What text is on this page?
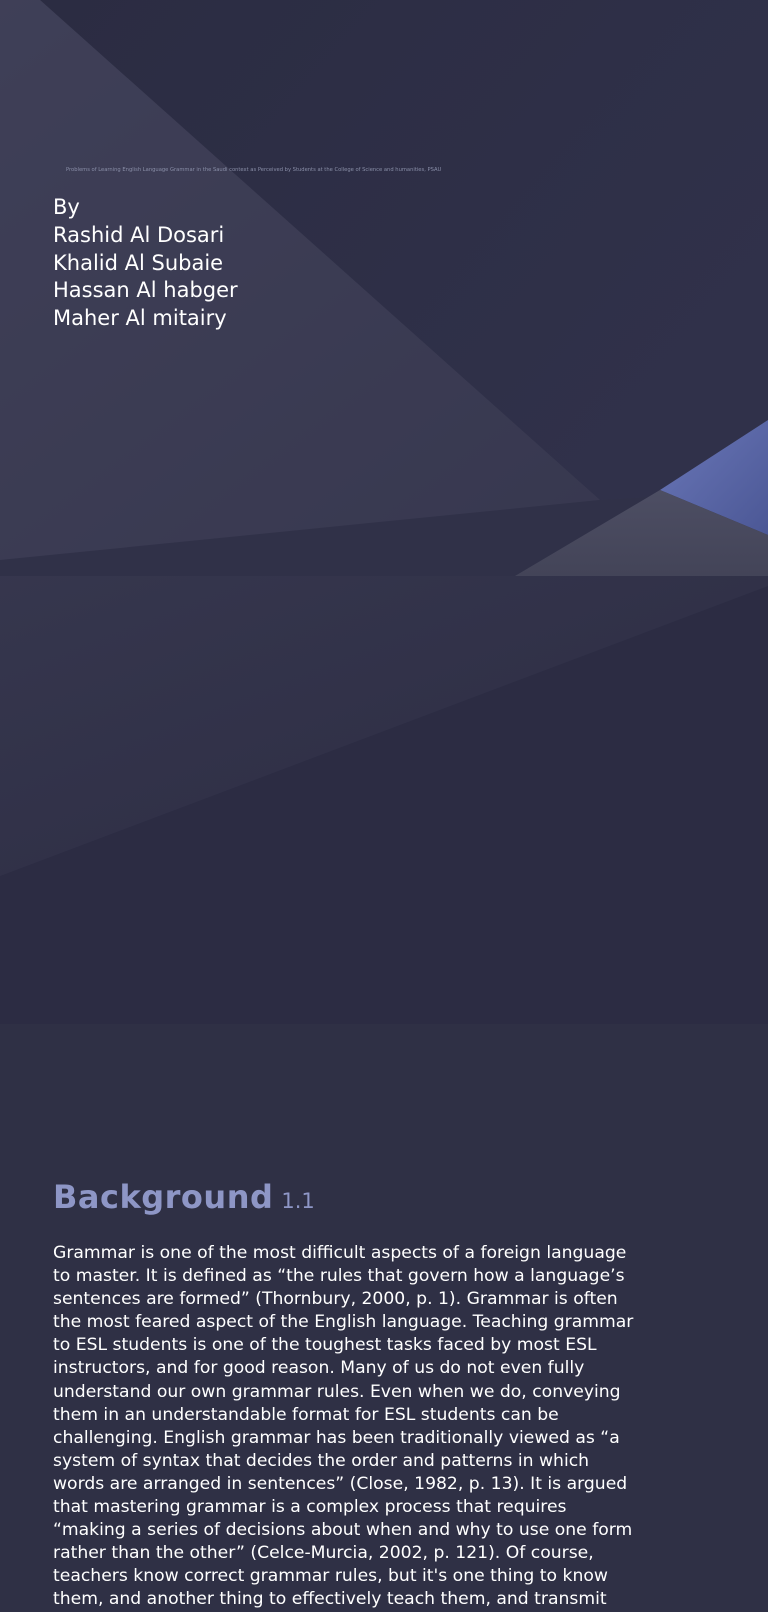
Problems of Learning English Language Grammar in the Saudi context as Perceived by Students at the College of Science and humanities, PSAU
By
Rashid Al Dosari
Khalid Al Subaie
Hassan Al habger
Maher Al mitairy
Background 1.1
Grammar is one of the most difficult aspects of a foreign language
to master. It is defined as “the rules that govern how a language’s
sentences are formed” (Thornbury, 2000, p. 1). Grammar is often
the most feared aspect of the English language. Teaching grammar
to ESL students is one of the toughest tasks faced by most ESL
instructors, and for good reason. Many of us do not even fully
understand our own grammar rules. Even when we do, conveying
them in an understandable format for ESL students can be
challenging. English grammar has been traditionally viewed as “a
system of syntax that decides the order and patterns in which
words are arranged in sentences” (Close, 1982, p. 13). It is argued
that mastering grammar is a complex process that requires
“making a series of decisions about when and why to use one form
rather than the other” (Celce-Murcia, 2002, p. 121). Of course,
teachers know correct grammar rules, but it's one thing to know
them, and another thing to effectively teach them, and transmit
